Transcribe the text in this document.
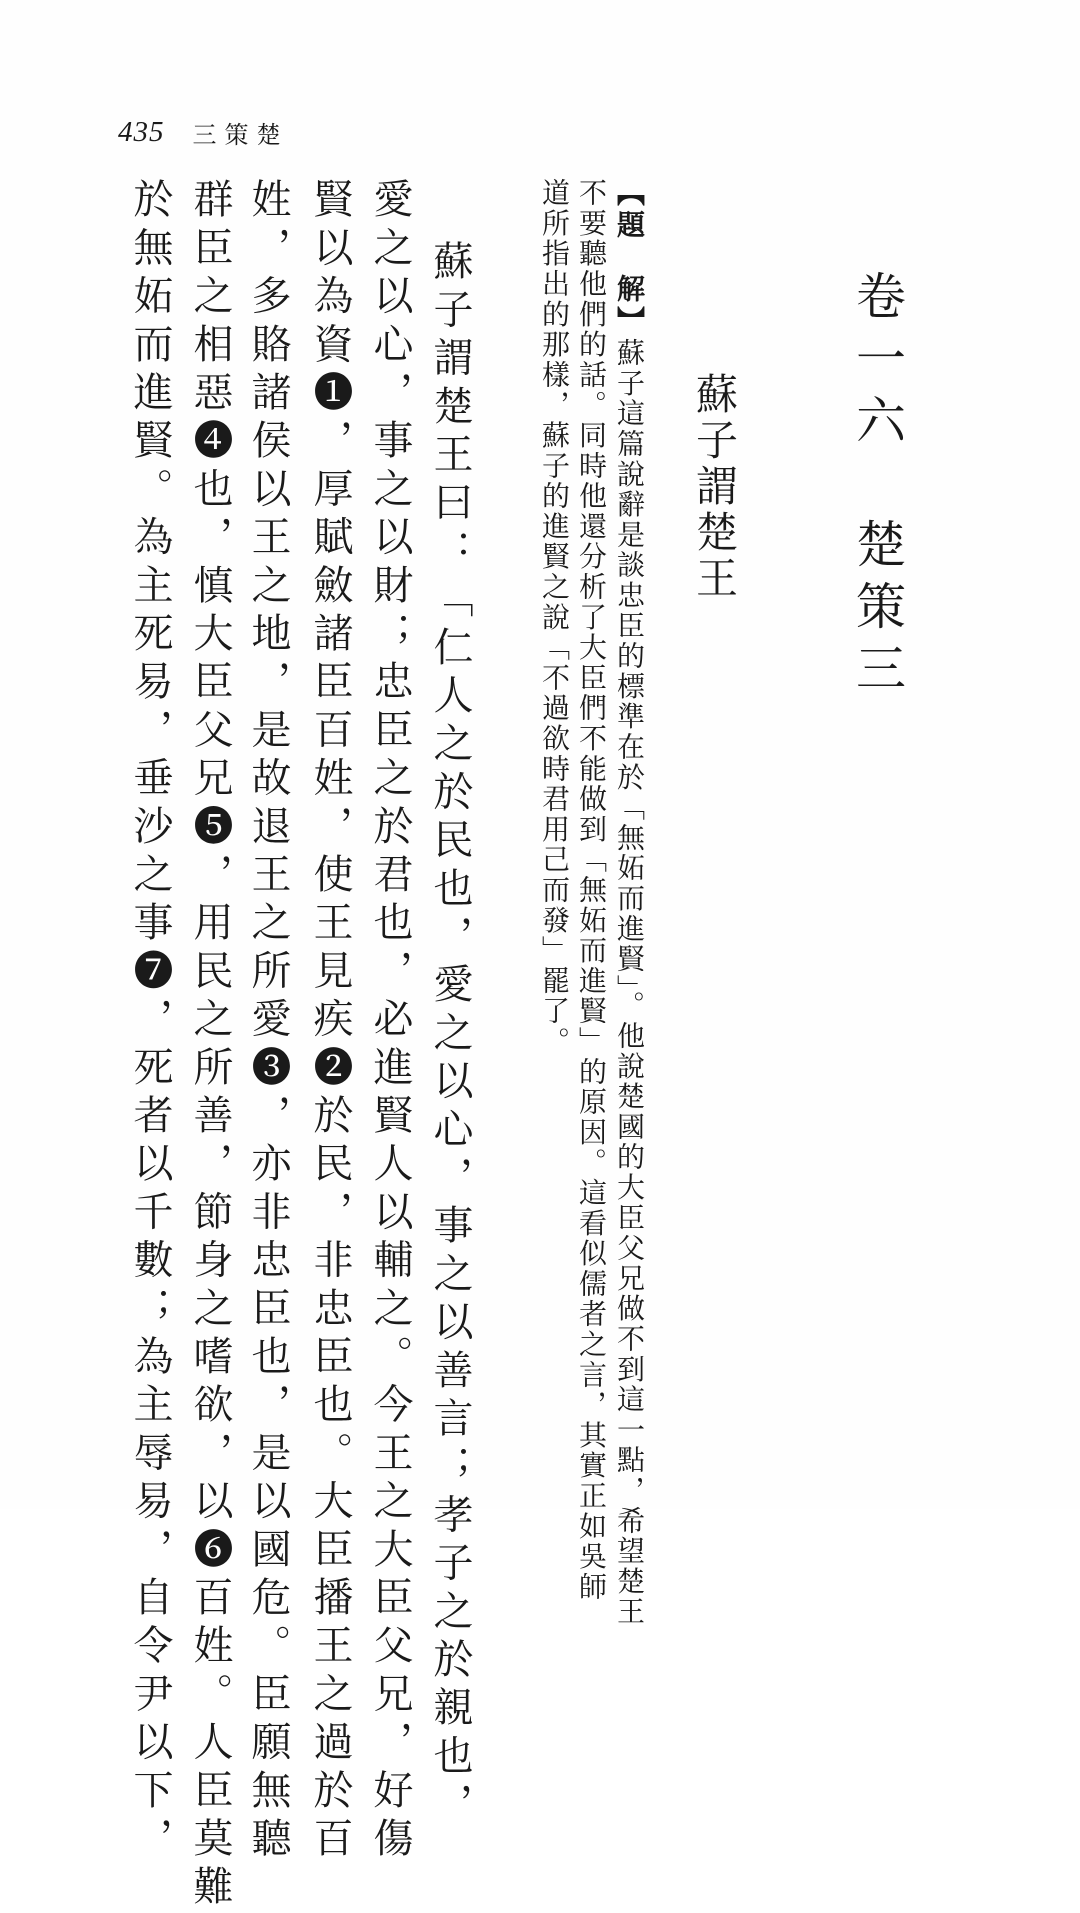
435 三策楚
卷一六　楚策三
蘇子謂楚王
【題　解】蘇子這篇說辭是談忠臣的標準在於「無妬而進賢」。他說楚國的大臣父兄做不到這一點，希望楚王
不要聽他們的話。同時他還分析了大臣們不能做到「無妬而進賢」的原因。這看似儒者之言，其實正如吳師
道所指出的那樣，蘇子的進賢之說「不過欲時君用己而發」罷了。
蘇子謂楚王曰：「仁人之於民也，愛之以心，事之以善言；孝子之於親也，
愛之以心，事之以財；忠臣之於君也，必進賢人以輔之。今王之大臣父兄，好傷
賢以為資❶，厚賦斂諸臣百姓，使王見疾❷於民，非忠臣也。大臣播王之過於百
姓，多賂諸侯以王之地，是故退王之所愛❸，亦非忠臣也，是以國危。臣願無聽
群臣之相惡❹也，慎大臣父兄❺，用民之所善，節身之嗜欲，以❻百姓。人臣莫難
於無妬而進賢。為主死易，垂沙之事❼，死者以千數；為主辱易，自令尹以下，
